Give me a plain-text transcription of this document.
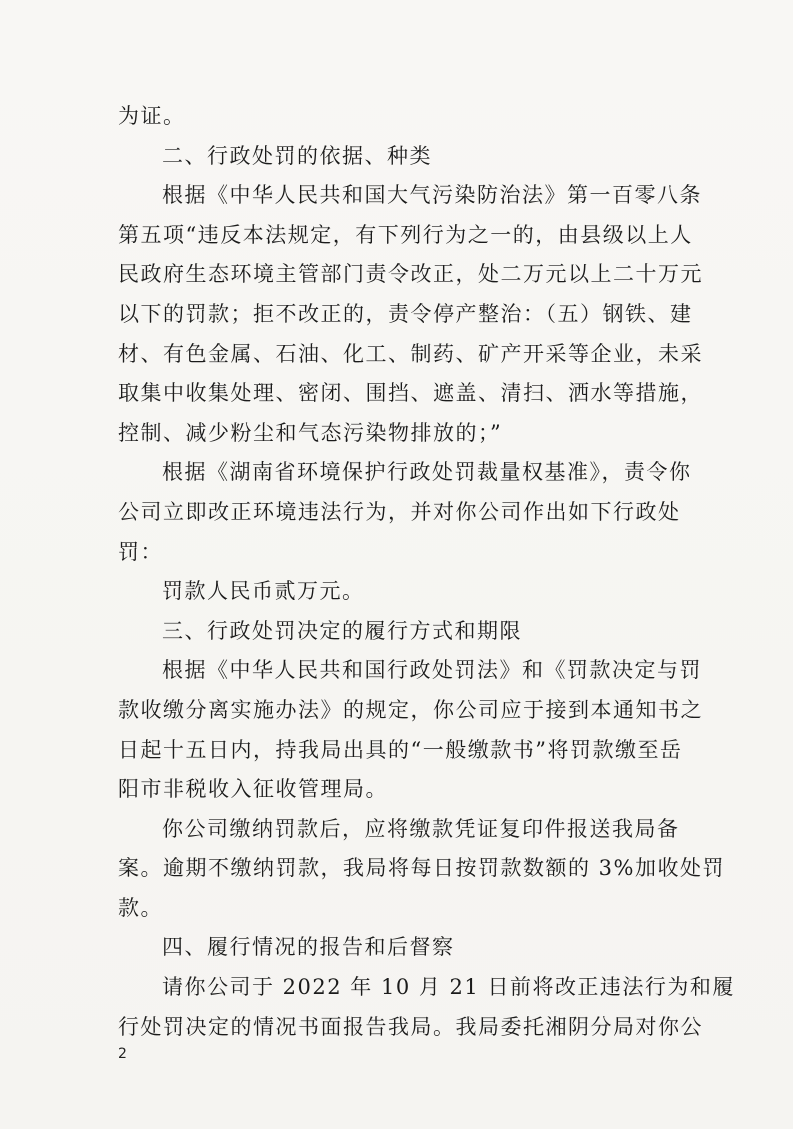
为证。
二、行政处罚的依据、种类
根据《中华人民共和国大气污染防治法》第一百零八条
第五项“违反本法规定，有下列行为之一的，由县级以上人
民政府生态环境主管部门责令改正，处二万元以上二十万元
以下的罚款；拒不改正的，责令停产整治：（五）钢铁、建
材、有色金属、石油、化工、制药、矿产开采等企业，未采
取集中收集处理、密闭、围挡、遮盖、清扫、洒水等措施，
控制、减少粉尘和气态污染物排放的；”
根据《湖南省环境保护行政处罚裁量权基准》，责令你
公司立即改正环境违法行为，并对你公司作出如下行政处
罚：
罚款人民币贰万元。
三、行政处罚决定的履行方式和期限
根据《中华人民共和国行政处罚法》和《罚款决定与罚
款收缴分离实施办法》的规定，你公司应于接到本通知书之
日起十五日内，持我局出具的“一般缴款书”将罚款缴至岳
阳市非税收入征收管理局。
你公司缴纳罚款后，应将缴款凭证复印件报送我局备
案。逾期不缴纳罚款，我局将每日按罚款数额的 3%加收处罚
款。
四、履行情况的报告和后督察
请你公司于 2022 年 10 月 21 日前将改正违法行为和履
行处罚决定的情况书面报告我局。我局委托湘阴分局对你公
2
